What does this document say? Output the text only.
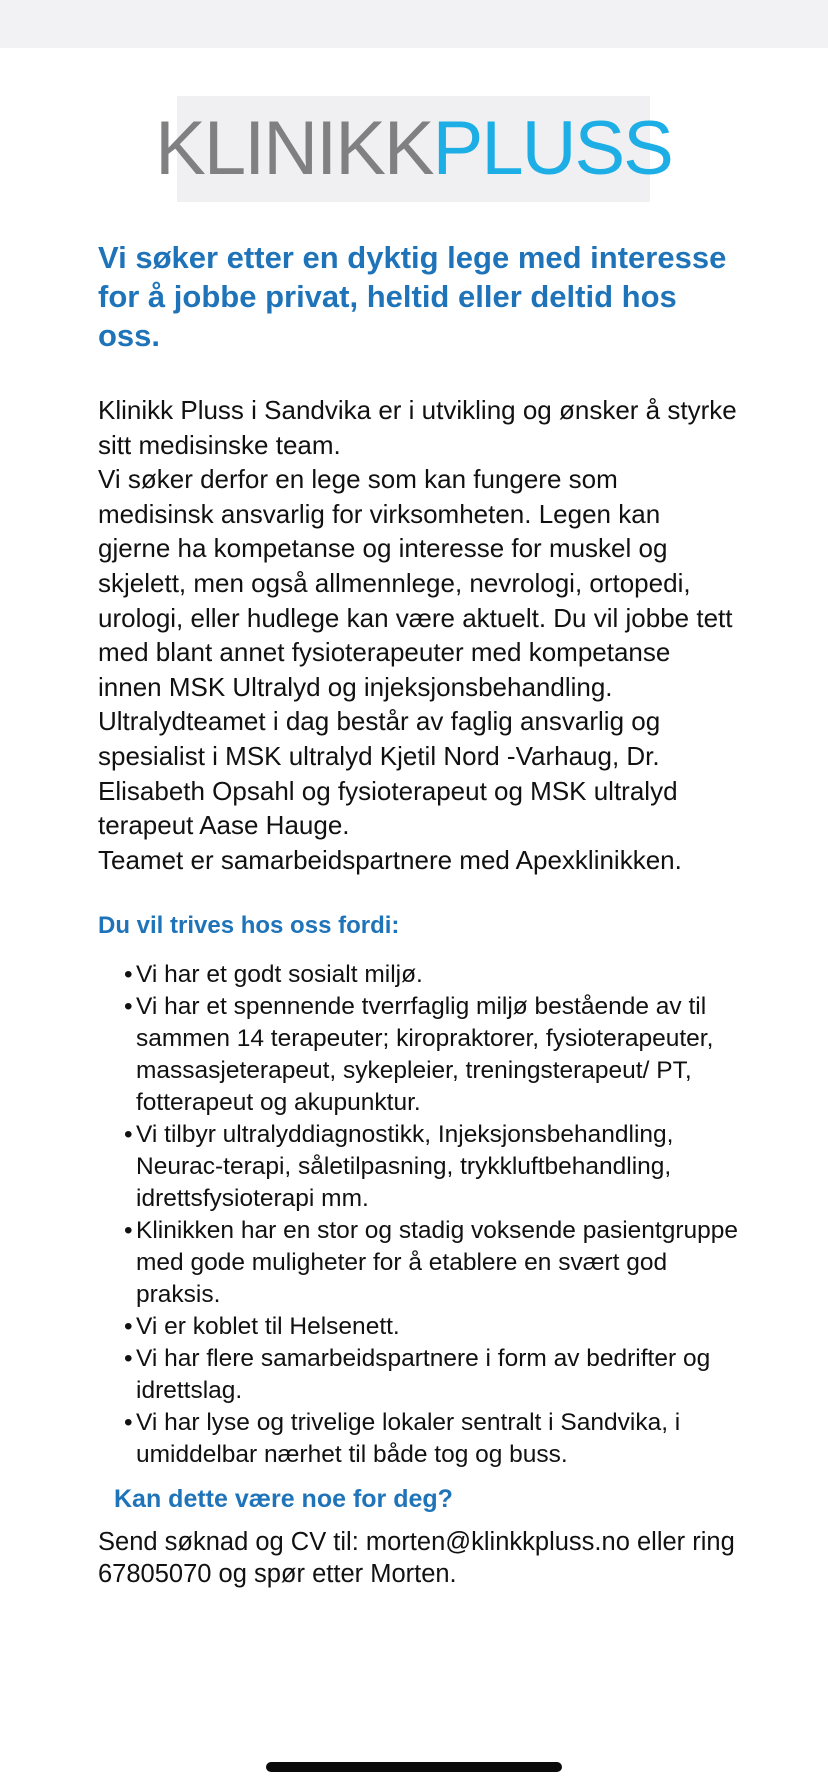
KLINIKKPLUSS
Vi søker etter en dyktig lege med interesse for å jobbe privat, heltid eller deltid hos oss.

Klinikk Pluss i Sandvika er i utvikling og ønsker å styrke sitt medisinske team.

Vi søker derfor en lege som kan fungere som medisinsk ansvarlig for virksomheten. Legen kan gjerne ha kompetanse og interesse for muskel og skjelett, men også allmennlege, nevrologi, ortopedi, urologi, eller hudlege kan være aktuelt. Du vil jobbe tett med blant annet fysioterapeuter med kompetanse innen MSK Ultralyd og injeksjonsbehandling.

Ultralydteamet i dag består av faglig ansvarlig og spesialist i MSK ultralyd Kjetil Nord -Varhaug, Dr. Elisabeth Opsahl og fysioterapeut og MSK ultralyd terapeut Aase Hauge.

Teamet er samarbeidspartnere med Apexklinikken.

Du vil trives hos oss fordi:
• Vi har et godt sosialt miljø.
• Vi har et spennende tverrfaglig miljø bestående av til sammen 14 terapeuter; kiropraktorer, fysioterapeuter, massasjeterapeut, sykepleier, treningsterapeut/ PT, fotterapeut og akupunktur.
• Vi tilbyr ultralyddiagnostikk, Injeksjonsbehandling, Neurac-terapi, såletilpasning, trykkluftbehandling, idrettsfysioterapi mm.
• Klinikken har en stor og stadig voksende pasientgruppe med gode muligheter for å etablere en svært god praksis.
• Vi er koblet til Helsenett.
• Vi har flere samarbeidspartnere i form av bedrifter og idrettslag.
• Vi har lyse og trivelige lokaler sentralt i Sandvika, i umiddelbar nærhet til både tog og buss.
Kan dette være noe for deg?
Send søknad og CV til: morten@klinkkpluss.no eller ring 67805070 og spør etter Morten.
